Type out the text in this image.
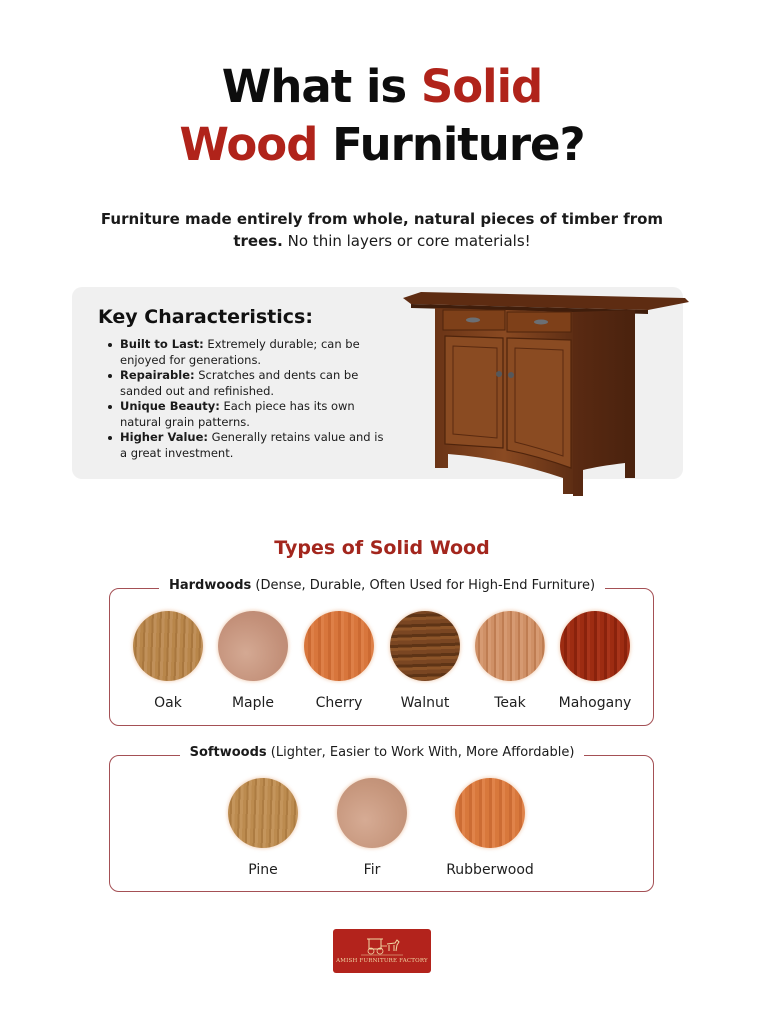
What is Solid
Wood Furniture?

Furniture made entirely from whole, natural pieces of timber from trees. No thin layers or core materials!

Key Characteristics:
Built to Last: Extremely durable; can be enjoyed for generations.
Repairable: Scratches and dents can be sanded out and refinished.
Unique Beauty: Each piece has its own natural grain patterns.
Higher Value: Generally retains value and is a great investment.
Types of Solid Wood
Hardwoods (Dense, Durable, Often Used for High-End Furniture)
Oak	Maple	Cherry	Walnut	Teak	Mahogany
Softwoods (Lighter, Easier to Work With, More Affordable)
Pine	Fir	Rubberwood
AMISH FURNITURE FACTORY
